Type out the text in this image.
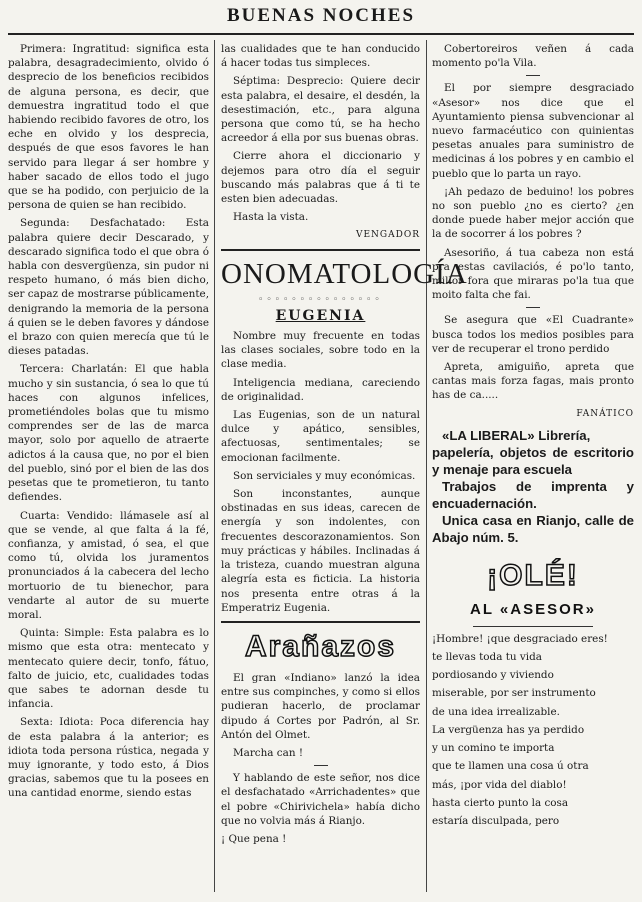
BUENAS NOCHES

Primera: Ingratitud: significa esta palabra, desagradecimiento, olvido ó desprecio de los beneficios recibidos de alguna persona, es decir, que demuestra ingratitud todo el que habiendo recibido favores de otro, los eche en olvido y los desprecia, después de que esos favores le han servido para llegar á ser hombre y haber sacado de ellos todo el jugo que se ha podido, con perjuicio de la persona de quien se han recibido.

Segunda: Desfachatado: Esta palabra quiere decir Descarado, y descarado significa todo el que obra ó habla con desvergüenza, sin pudor ni respeto humano, ó más bien dicho, ser capaz de mostrarse públicamente, denigrando la memoria de la persona á quien se le deben favores y dándose el brazo con quien merecía que tú le dieses patadas.

Tercera: Charlatán: El que habla mucho y sin sustancia, ó sea lo que tú haces con algunos infelices, prometiéndoles bolas que tu mismo comprendes ser de las de marca mayor, solo por aquello de atraerte adictos á la causa que, no por el bien del pueblo, sinó por el bien de las dos pesetas que te prometieron, tu tanto defiendes.

Cuarta: Vendido: llámasele así al que se vende, al que falta á la fé, confianza, y amistad, ó sea, el que como tú, olvida los juramentos pronunciados á la cabecera del lecho mortuorio de tu bienechor, para vendarte al autor de su muerte moral.

Quinta: Simple: Esta palabra es lo mismo que esta otra: mentecato y mentecato quiere decir, tonfo, fátuo, falto de juicio, etc, cualidades todas que sabes te adornan desde tu infancia.

Sexta: Idiota: Poca diferencia hay de esta palabra á la anterior; es idiota toda persona rústica, negada y muy ignorante, y todo esto, á Dios gracias, sabemos que tu la posees en una cantidad enorme, siendo estas

las cualidades que te han conducido á hacer todas tus simpleces.

Séptima: Desprecio: Quiere decir esta palabra, el desaire, el desdén, la desestimación, etc., para alguna persona que como tú, se ha hecho acreedor á ella por sus buenas obras.

Cierre ahora el diccionario y dejemos para otro día el seguir buscando más palabras que á ti te esten bien adecuadas.

Hasta la vista.

VENGADOR

ONOMATOLOGÍA
◦◦◦◦◦◦◦◦◦◦◦◦◦◦◦
EUGENIA

Nombre muy frecuente en todas las clases sociales, sobre todo en la clase media.

Inteligencia mediana, careciendo de originalidad.

Las Eugenias, son de un natural dulce y apático, sensibles, afectuosas, sentimentales; se emocionan facilmente.

Son serviciales y muy económicas.

Son inconstantes, aunque obstinadas en sus ideas, carecen de energía y son indolentes, con frecuentes descorazonamientos. Son muy prácticas y hábiles. Inclinadas á la tristeza, cuando muestran alguna alegría esta es ficticia. La historia nos presenta entre otras á la Emperatriz Eugenia.

Arañazos

El gran «Indiano» lanzó la idea entre sus compinches, y como si ellos pudieran hacerlo, de proclamar dipudo á Cortes por Padrón, al Sr. Antón del Olmet.

Marcha can !

Y hablando de este señor, nos dice el desfachatado «Arrichadentes» que el pobre «Chirivichela» había dicho que no volvia más á Rianjo.

¡ Que pena !

Cobertoreiros veñen á cada momento po'la Vila.

El por siempre desgraciado «Asesor» nos dice que el Ayuntamiento piensa subvencionar al nuevo farmacéutico con quinientas pesetas anuales para suministro de medicinas á los pobres y en cambio el pueblo que lo parta un rayo.

¡Ah pedazo de beduino! los pobres no son pueblo ¿no es cierto? ¿en donde puede haber mejor acción que la de socorrer á los pobres ?

Asesoriño, á tua cabeza non está pra estas cavilaciós, é po'lo tanto, millor fora que miraras po'la tua que moito falta che fai.

Se asegura que «El Cuadrante» busca todos los medios posibles para ver de recuperar el trono perdido

Apreta, amiguiño, apreta que cantas mais forza fagas, mais pronto has de ca.....

FANÁTICO

«LA LIBERAL» Librería,
papelería, objetos de escritorio y menaje para escuela
Trabajos de imprenta y encuadernación.
Unica casa en Rianjo, calle de Abajo núm. 5.
¡OLÉ!
AL «ASESOR»

¡Hombre! ¡que desgraciado eres!

te llevas toda tu vida

pordiosando y viviendo

miserable, por ser instrumento

de una idea irrealizable.

La vergüenza has ya perdido

y un comino te importa

que te llamen una cosa ú otra

más, ¡por vida del diablo!

hasta cierto punto la cosa

estaría disculpada, pero
